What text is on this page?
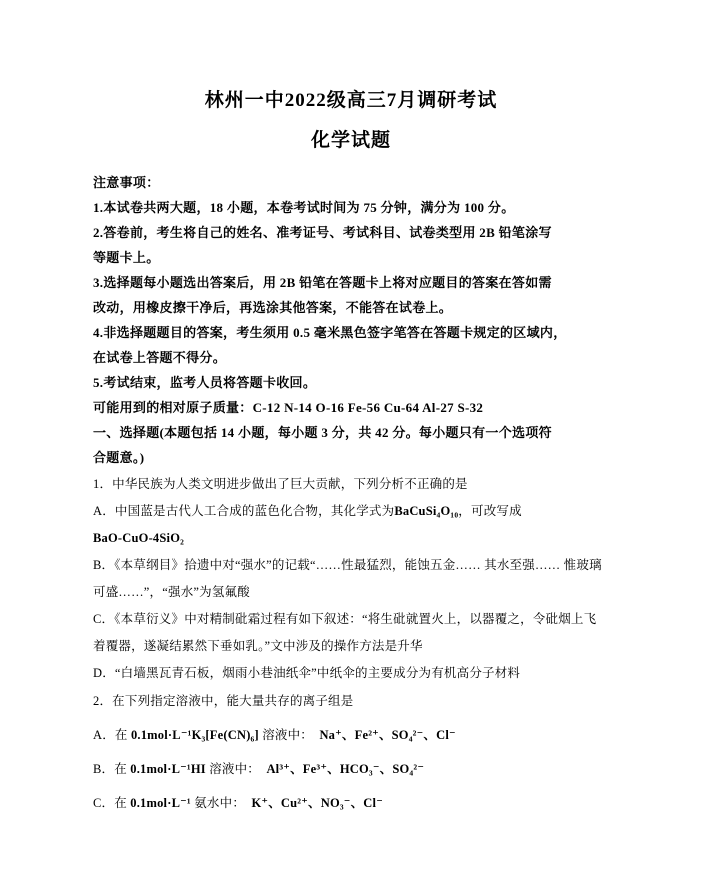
林州一中2022级高三7月调研考试
化学试题
注意事项：
1.本试卷共两大题，18 小题，本卷考试时间为 75 分钟，满分为 100 分。
2.答卷前，考生将自己的姓名、准考证号、考试科目、试卷类型用 2B 铅笔涂写
等题卡上。
3.选择题每小题选出答案后，用 2B 铅笔在答题卡上将对应题目的答案在答如需
改动，用橡皮擦干净后，再选涂其他答案，不能答在试卷上。
4.非选择题题目的答案，考生须用 0.5 毫米黑色签字笔答在答题卡规定的区域内，
在试卷上答题不得分。
5.考试结束，监考人员将答题卡收回。
可能用到的相对原子质量：C-12 N-14 O-16 Fe-56 Cu-64 Al-27 S-32
一、选择题(本题包括 14 小题，每小题 3 分，共 42 分。每小题只有一个选项符
合题意。)
1．中华民族为人类文明进步做出了巨大贡献，下列分析不正确的是
A．中国蓝是古代人工合成的蓝色化合物，其化学式为BaCuSi₄O₁₀，可改写成
BaO-CuO-4SiO₂
B．《本草纲目》拾遗中对“强水”的记载“……性最猛烈，能蚀五金…… 其水至强…… 惟玻璃
可盛……”，“强水”为氢氟酸
C．《本草衍义》中对精制砒霜过程有如下叙述：“将生砒就置火上，以器覆之，令砒烟上飞
着覆器，遂凝结累然下垂如乳。”文中涉及的操作方法是升华
D．“白墙黑瓦青石板，烟雨小巷油纸伞”中纸伞的主要成分为有机高分子材料
2．在下列指定溶液中，能大量共存的离子组是
A．在 0.1mol·L⁻¹K₃[Fe(CN)₆] 溶液中：　Na⁺、Fe²⁺、SO₄²⁻、Cl⁻
B．在 0.1mol·L⁻¹HI 溶液中：　Al³⁺、Fe³⁺、HCO₃⁻、SO₄²⁻
C．在 0.1mol·L⁻¹ 氨水中：　K⁺、Cu²⁺、NO₃⁻、Cl⁻
